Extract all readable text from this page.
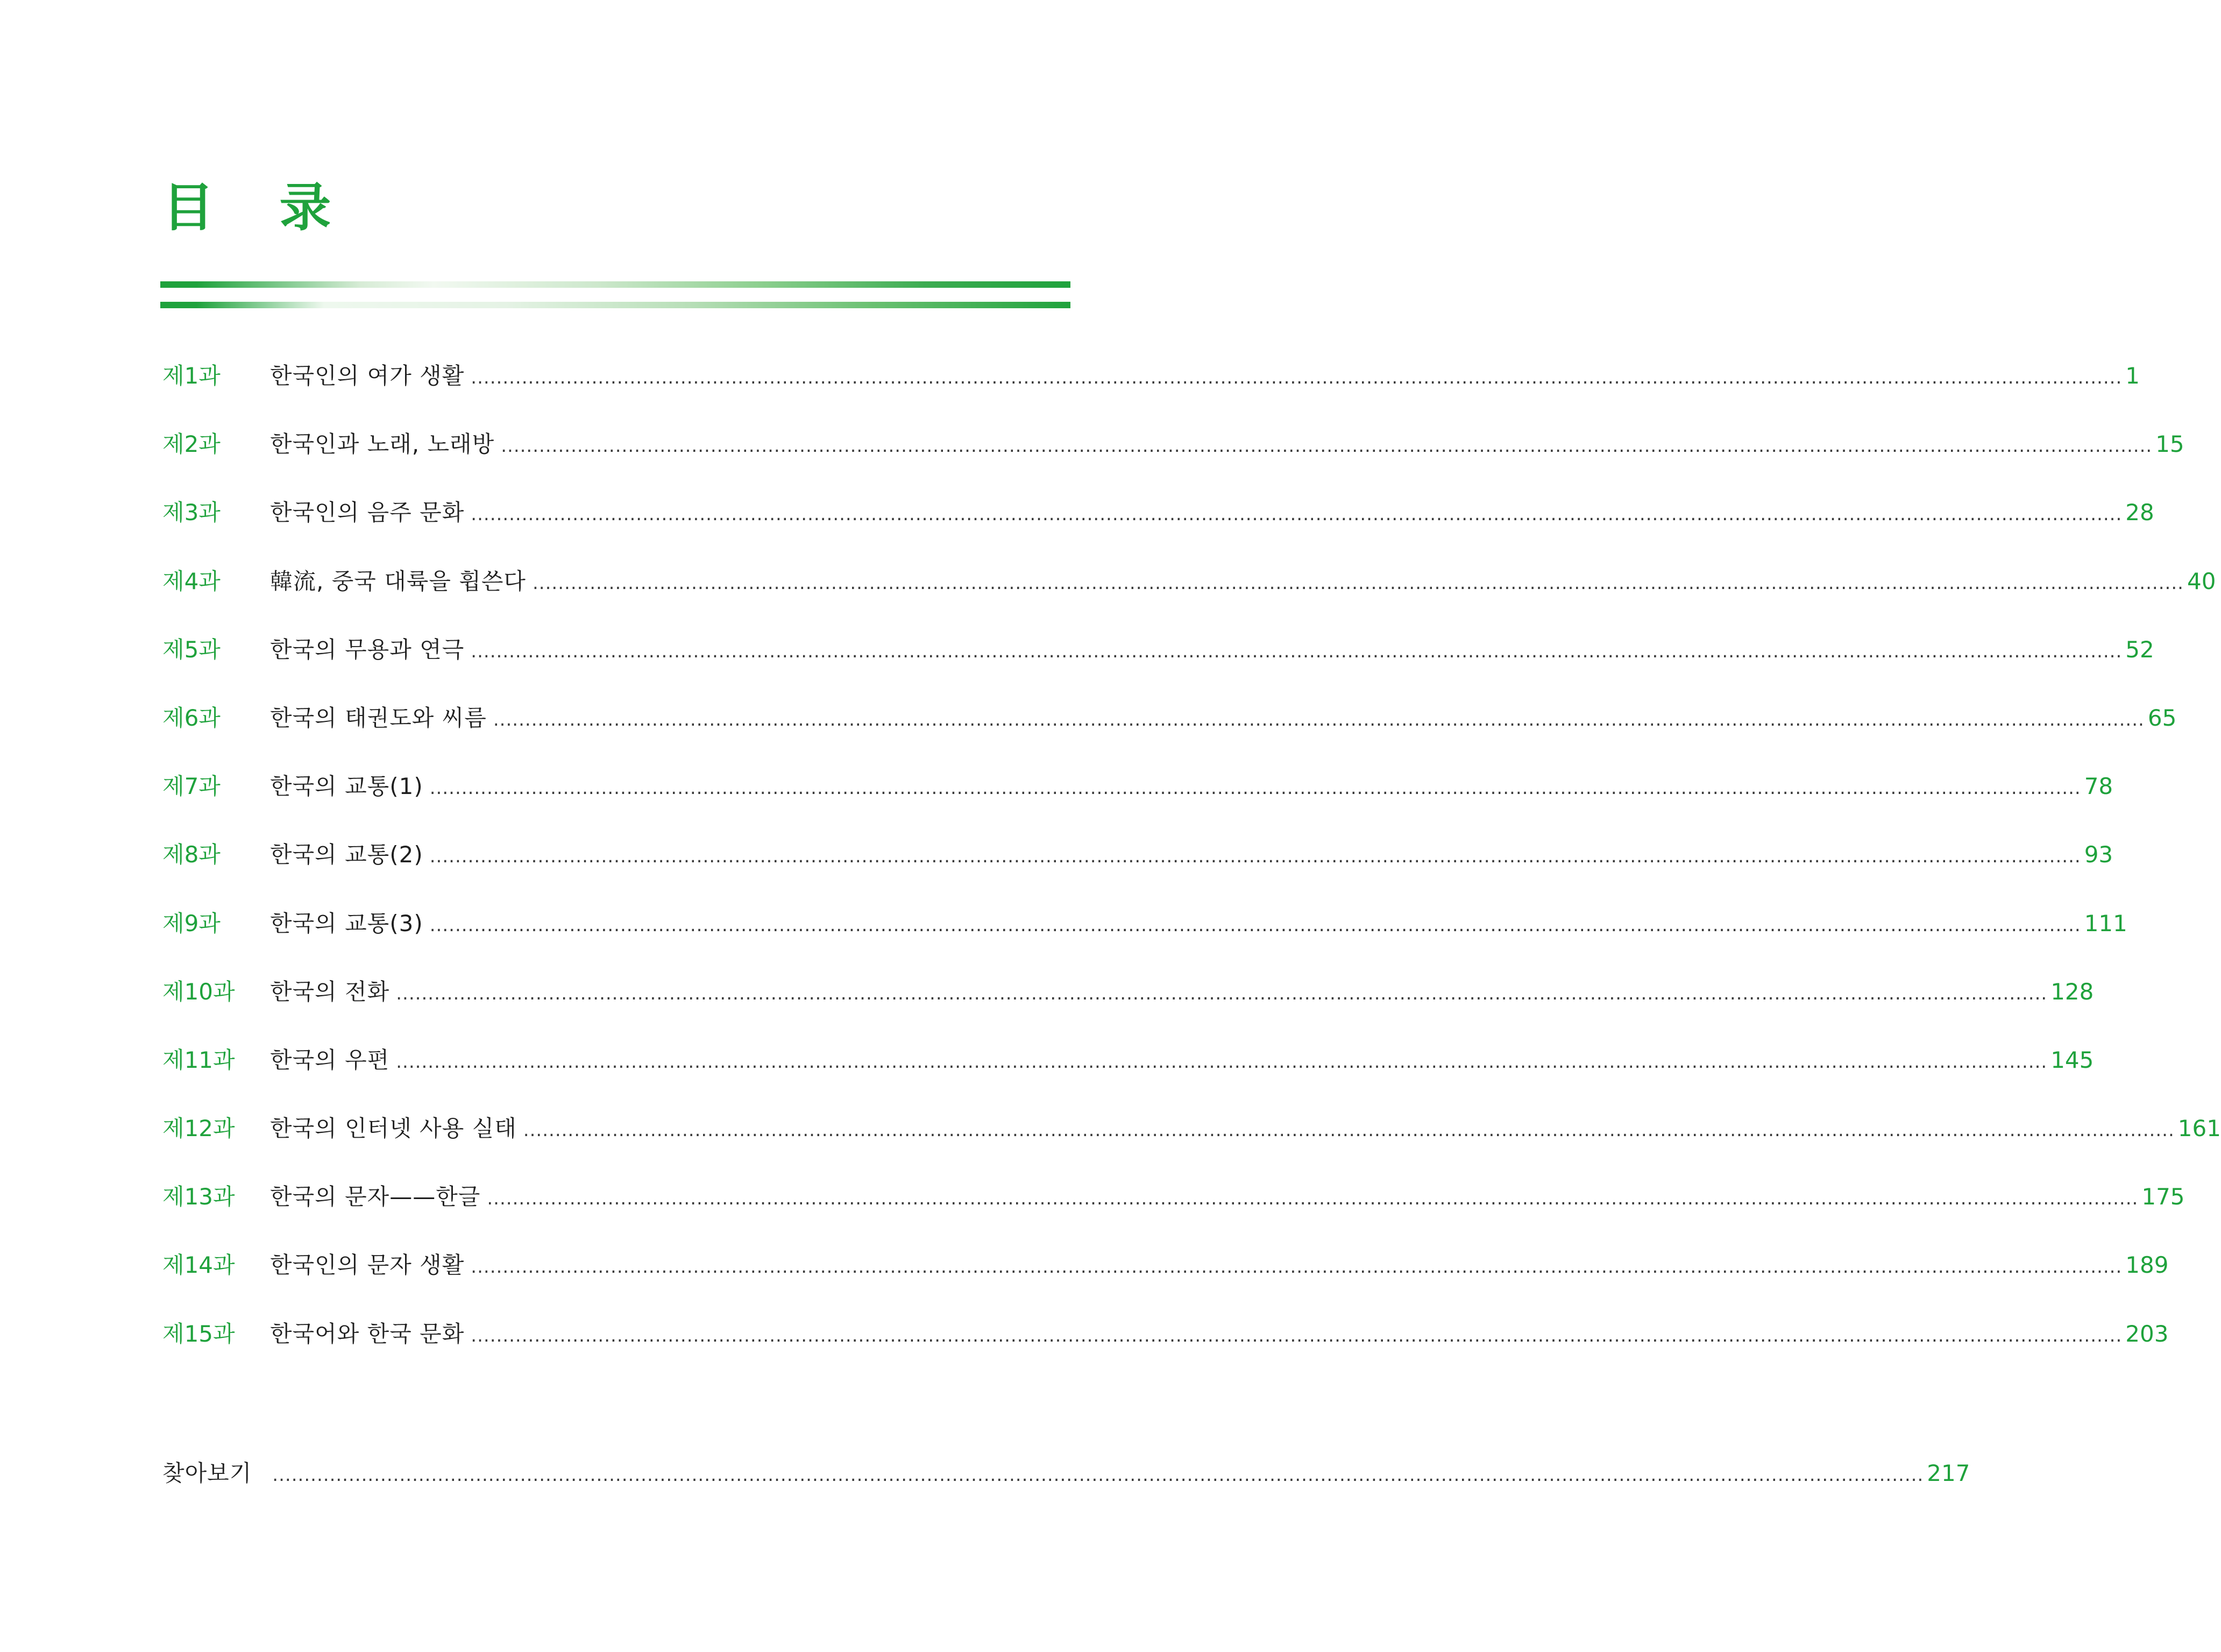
目 录
제1과	한국인의 여가 생활 .................................................................................................................................................................................................................................................................... 1
제2과	한국인과 노래, 노래방 .................................................................................................................................................................................................................................................................... 15
제3과	한국인의 음주 문화 .................................................................................................................................................................................................................................................................... 28
제4과	韓流, 중국 대륙을 휩쓴다 .................................................................................................................................................................................................................................................................... 40
제5과	한국의 무용과 연극 .................................................................................................................................................................................................................................................................... 52
제6과	한국의 태권도와 씨름 .................................................................................................................................................................................................................................................................... 65
제7과	한국의 교통(1) .................................................................................................................................................................................................................................................................... 78
제8과	한국의 교통(2) .................................................................................................................................................................................................................................................................... 93
제9과	한국의 교통(3) .................................................................................................................................................................................................................................................................... 111
제10과	한국의 전화 .................................................................................................................................................................................................................................................................... 128
제11과	한국의 우편 .................................................................................................................................................................................................................................................................... 145
제12과	한국의 인터넷 사용 실태 .................................................................................................................................................................................................................................................................... 161
제13과	한국의 문자——한글 .................................................................................................................................................................................................................................................................... 175
제14과	한국인의 문자 생활 .................................................................................................................................................................................................................................................................... 189
제15과	한국어와 한국 문화 .................................................................................................................................................................................................................................................................... 203
찾아보기	.................................................................................................................................................................................................................................................................... 217
